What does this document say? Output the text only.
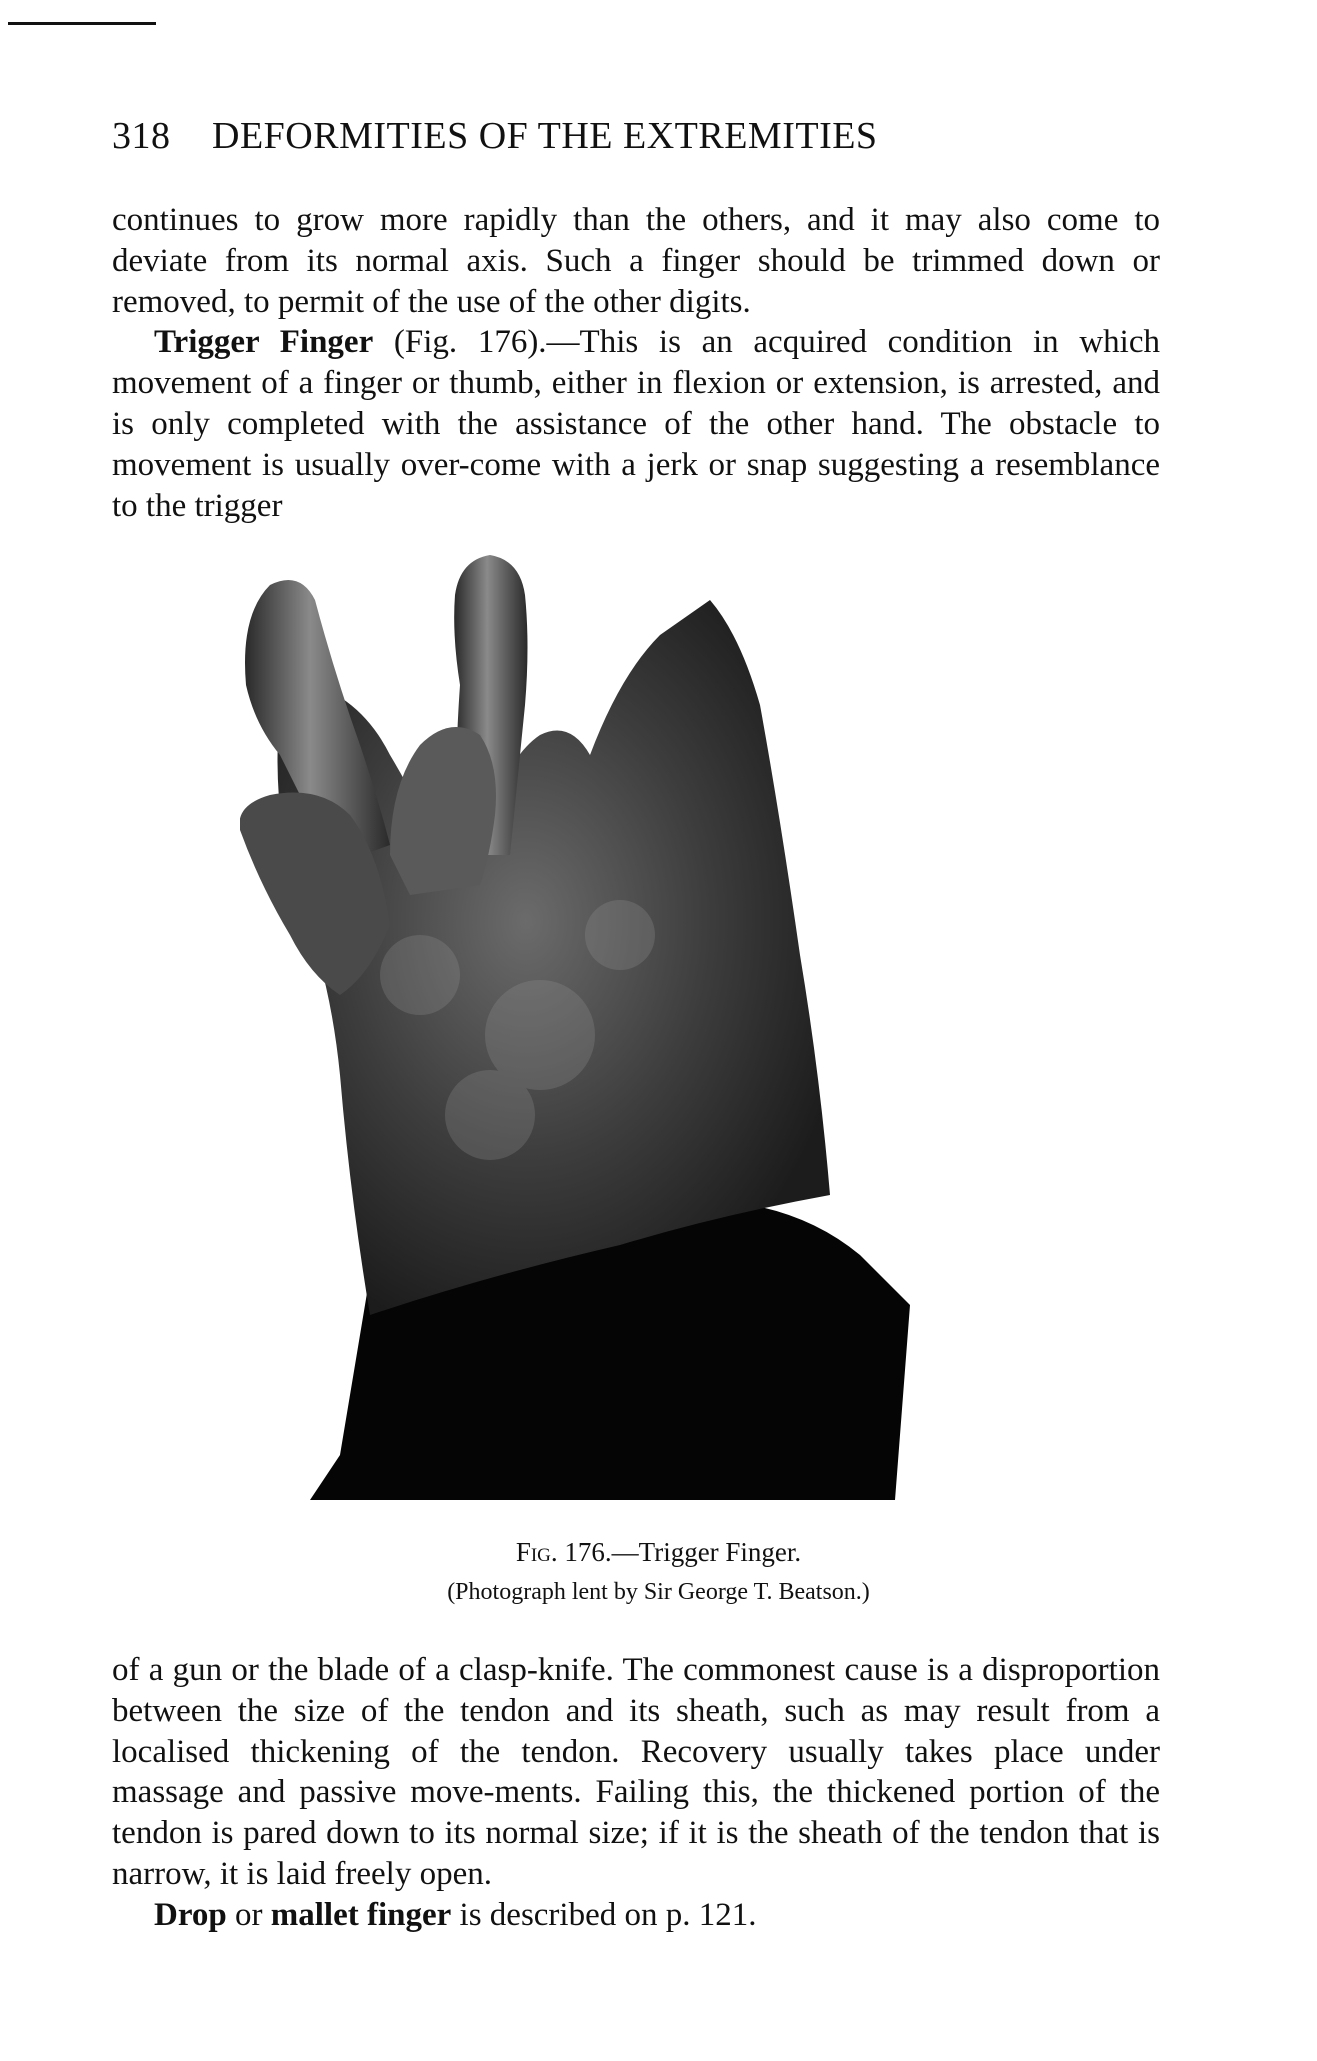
318 DEFORMITIES OF THE EXTREMITIES

continues to grow more rapidly than the others, and it may also come to deviate from its normal axis. Such a finger should be trimmed down or removed, to permit of the use of the other digits.

Trigger Finger (Fig. 176).—This is an acquired condition in which movement of a finger or thumb, either in flexion or extension, is arrested, and is only completed with the assistance of the other hand. The obstacle to movement is usually over-come with a jerk or snap suggesting a resemblance to the trigger

Fig. 176.—Trigger Finger.
(Photograph lent by Sir George T. Beatson.)

of a gun or the blade of a clasp-knife. The commonest cause is a disproportion between the size of the tendon and its sheath, such as may result from a localised thickening of the tendon. Recovery usually takes place under massage and passive move-ments. Failing this, the thickened portion of the tendon is pared down to its normal size; if it is the sheath of the tendon that is narrow, it is laid freely open.

Drop or mallet finger is described on p. 121.
